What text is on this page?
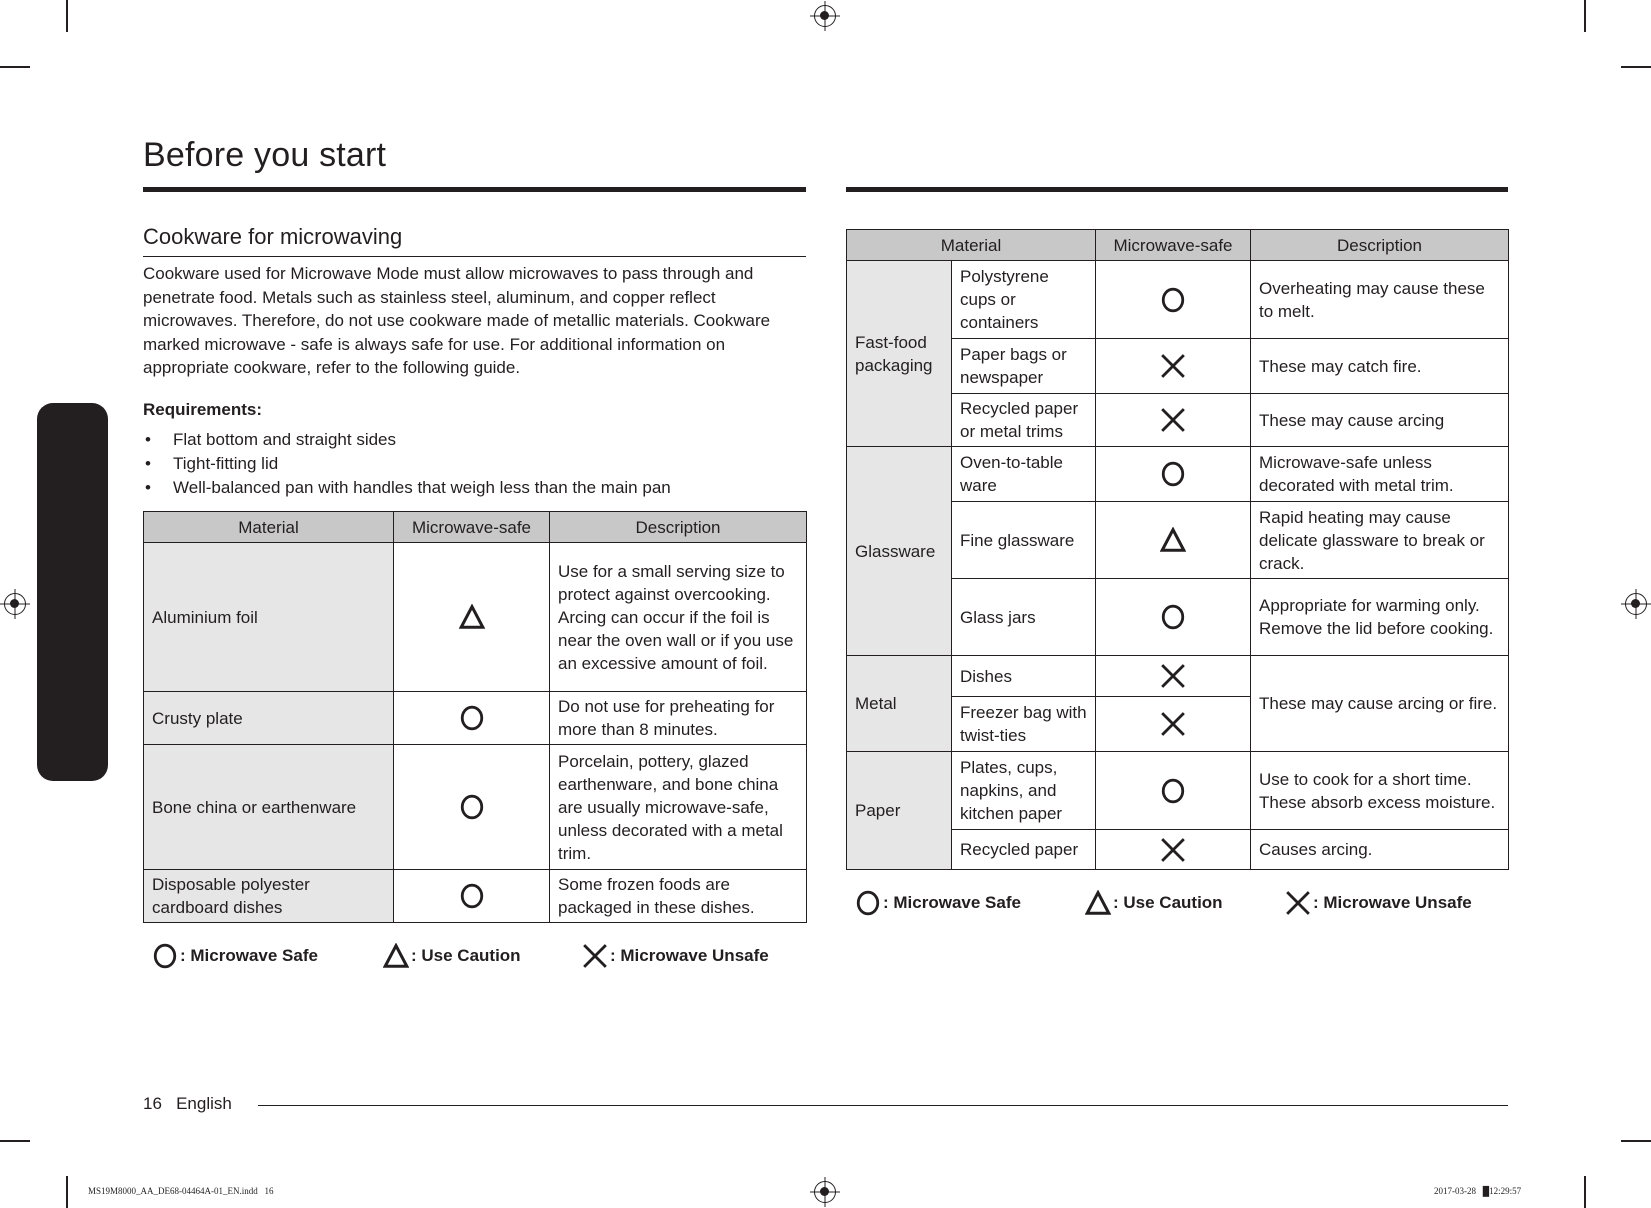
Before you start
Before you start
Cookware for microwaving

Cookware used for Microwave Mode must allow microwaves to pass through and penetrate food. Metals such as stainless steel, aluminum, and copper reflect microwaves. Therefore, do not use cookware made of metallic materials. Cookware marked microwave - safe is always safe for use. For additional information on appropriate cookware, refer to the following guide.

Requirements:
• Flat bottom and straight sides
• Tight-fitting lid
• Well-balanced pan with handles that weigh less than the main pan
Material	Microwave-safe	Description
Aluminium foil		Use for a small serving size to protect against overcooking. Arcing can occur if the foil is near the oven wall or if you use an excessive amount of foil.
Crusty plate		Do not use for preheating for more than 8 minutes.
Bone china or earthenware		Porcelain, pottery, glazed earthenware, and bone china are usually microwave-safe, unless decorated with a metal trim.
Disposable polyester cardboard dishes		Some frozen foods are packaged in these dishes.
: Microwave Safe	: Use Caution	: Microwave Unsafe
Material		Microwave-safe	Description
Fast-food packaging	Polystyrene cups or containers		Overheating may cause these to melt.
	Paper bags or newspaper		These may catch fire.
	Recycled paper or metal trims		These may cause arcing
Glassware	Oven-to-table ware		Microwave-safe unless decorated with metal trim.
	Fine glassware		Rapid heating may cause delicate glassware to break or crack.
	Glass jars		Appropriate for warming only. Remove the lid before cooking.
Metal	Dishes		These may cause arcing or fire.
	Freezer bag with twist-ties	
Paper	Plates, cups, napkins, and kitchen paper		Use to cook for a short time. These absorb excess moisture.
	Recycled paper		Causes arcing.
: Microwave Safe	: Use Caution	: Microwave Unsafe
16 English
MS19M8000_AA_DE68-04464A-01_EN.indd   16	2017-03-28   █12:29:57
